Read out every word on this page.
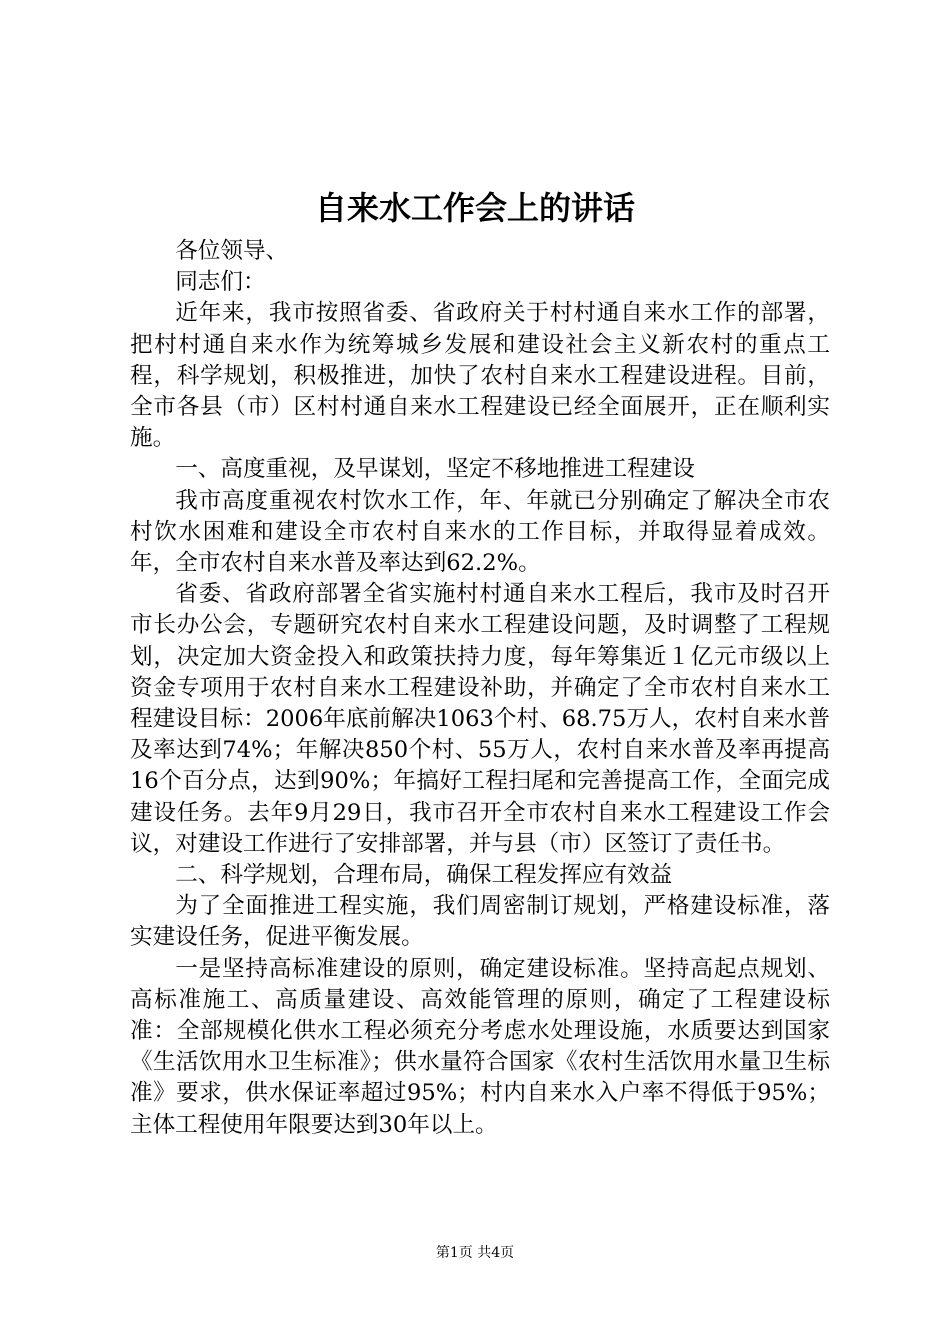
自来水工作会上的讲话

各位领导、

同志们：

近年来，我市按照省委、省政府关于村村通自来水工作的部署，把村村通自来水作为统筹城乡发展和建设社会主义新农村的重点工程，科学规划，积极推进，加快了农村自来水工程建设进程。目前，全市各县（市）区村村通自来水工程建设已经全面展开，正在顺利实施。

一、高度重视，及早谋划，坚定不移地推进工程建设

我市高度重视农村饮水工作，年、年就已分别确定了解决全市农村饮水困难和建设全市农村自来水的工作目标，并取得显着成效。年，全市农村自来水普及率达到62.2%。

省委、省政府部署全省实施村村通自来水工程后，我市及时召开市长办公会，专题研究农村自来水工程建设问题，及时调整了工程规划，决定加大资金投入和政策扶持力度，每年筹集近１亿元市级以上资金专项用于农村自来水工程建设补助，并确定了全市农村自来水工程建设目标：2006年底前解决1063个村、68.75万人，农村自来水普及率达到74%；年解决850个村、55万人，农村自来水普及率再提高16个百分点，达到90%；年搞好工程扫尾和完善提高工作，全面完成建设任务。去年9月29日，我市召开全市农村自来水工程建设工作会议，对建设工作进行了安排部署，并与县（市）区签订了责任书。

二、科学规划，合理布局，确保工程发挥应有效益

为了全面推进工程实施，我们周密制订规划，严格建设标准，落实建设任务，促进平衡发展。

一是坚持高标准建设的原则，确定建设标准。坚持高起点规划、高标准施工、高质量建设、高效能管理的原则，确定了工程建设标准：全部规模化供水工程必须充分考虑水处理设施，水质要达到国家《生活饮用水卫生标准》；供水量符合国家《农村生活饮用水量卫生标准》要求，供水保证率超过95%；村内自来水入户率不得低于95%；主体工程使用年限要达到30年以上。

第1页 共4页
